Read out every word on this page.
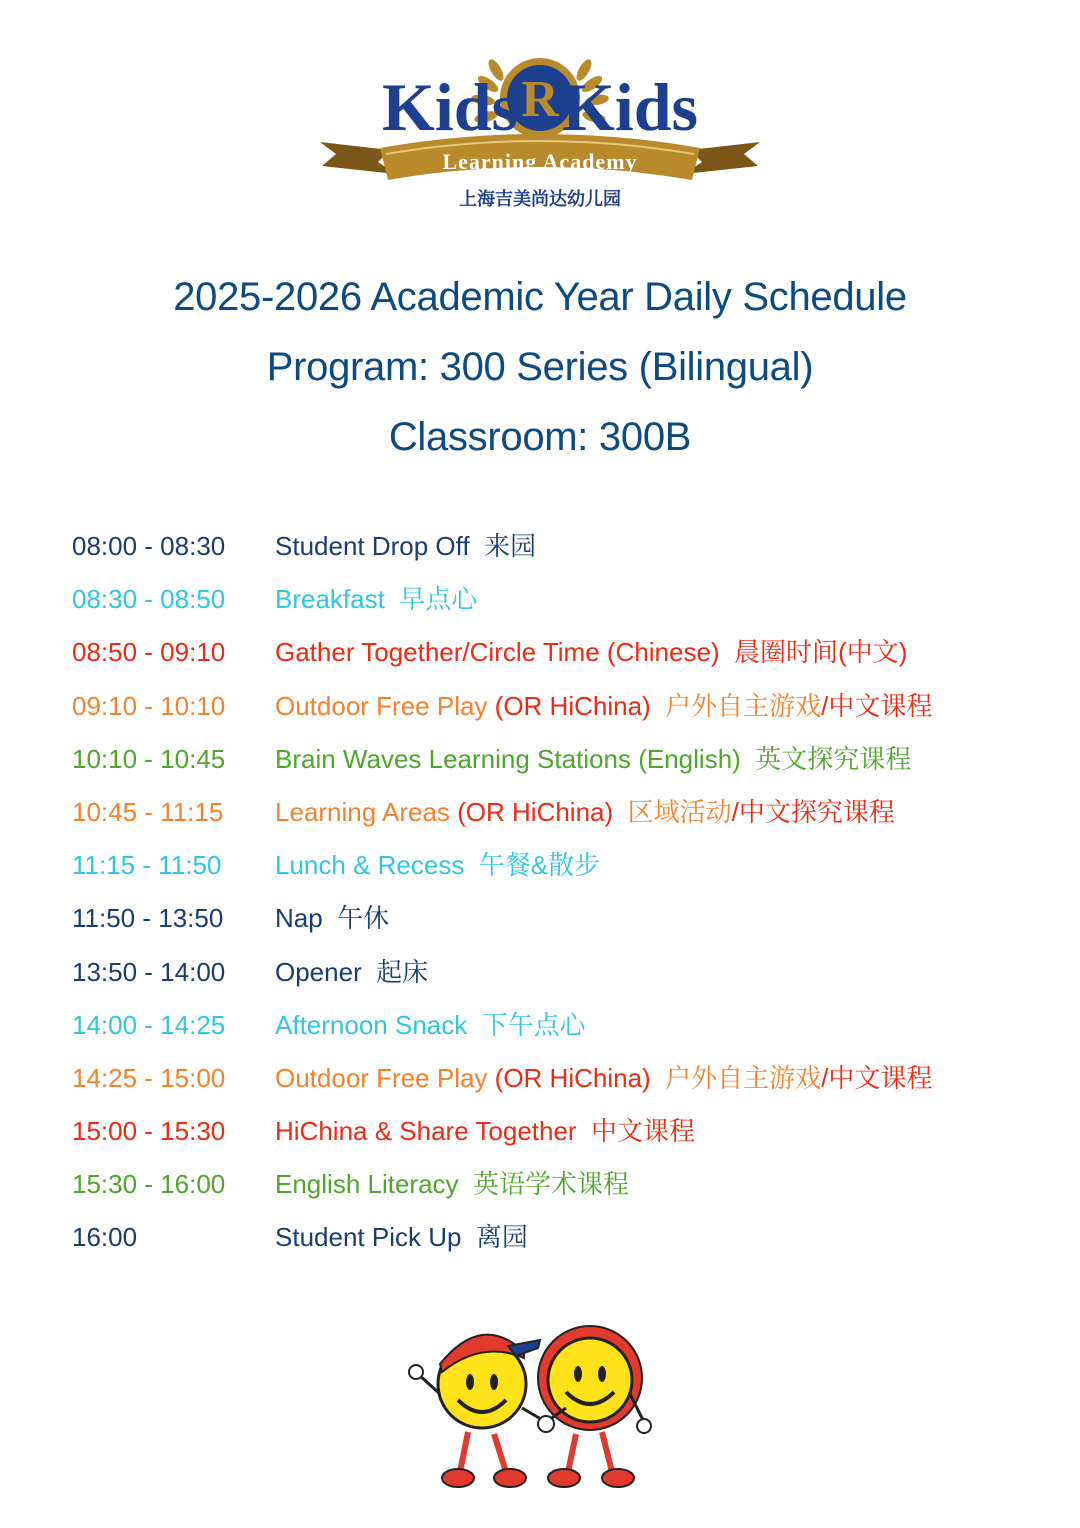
R
Kids Kids
Learning Academy
上海吉美尚达幼儿园
2025-2026 Academic Year Daily Schedule
Program: 300 Series (Bilingual)
Classroom: 300B
08:00 - 08:30	Student Drop Off  来园
08:30 - 08:50	Breakfast  早点心
08:50 - 09:10	Gather Together/Circle Time (Chinese)  晨圈时间(中文)
09:10 - 10:10	Outdoor Free Play (OR HiChina)  户外自主游戏/中文课程
10:10 - 10:45	Brain Waves Learning Stations (English)  英文探究课程
10:45 - 11:15	Learning Areas (OR HiChina)  区域活动/中文探究课程
11:15 - 11:50	Lunch & Recess  午餐&散步
11:50 - 13:50	Nap  午休
13:50 - 14:00	Opener  起床
14:00 - 14:25	Afternoon Snack  下午点心
14:25 - 15:00	Outdoor Free Play (OR HiChina)  户外自主游戏/中文课程
15:00 - 15:30	HiChina & Share Together  中文课程
15:30 - 16:00	English Literacy  英语学术课程
16:00	Student Pick Up  离园
